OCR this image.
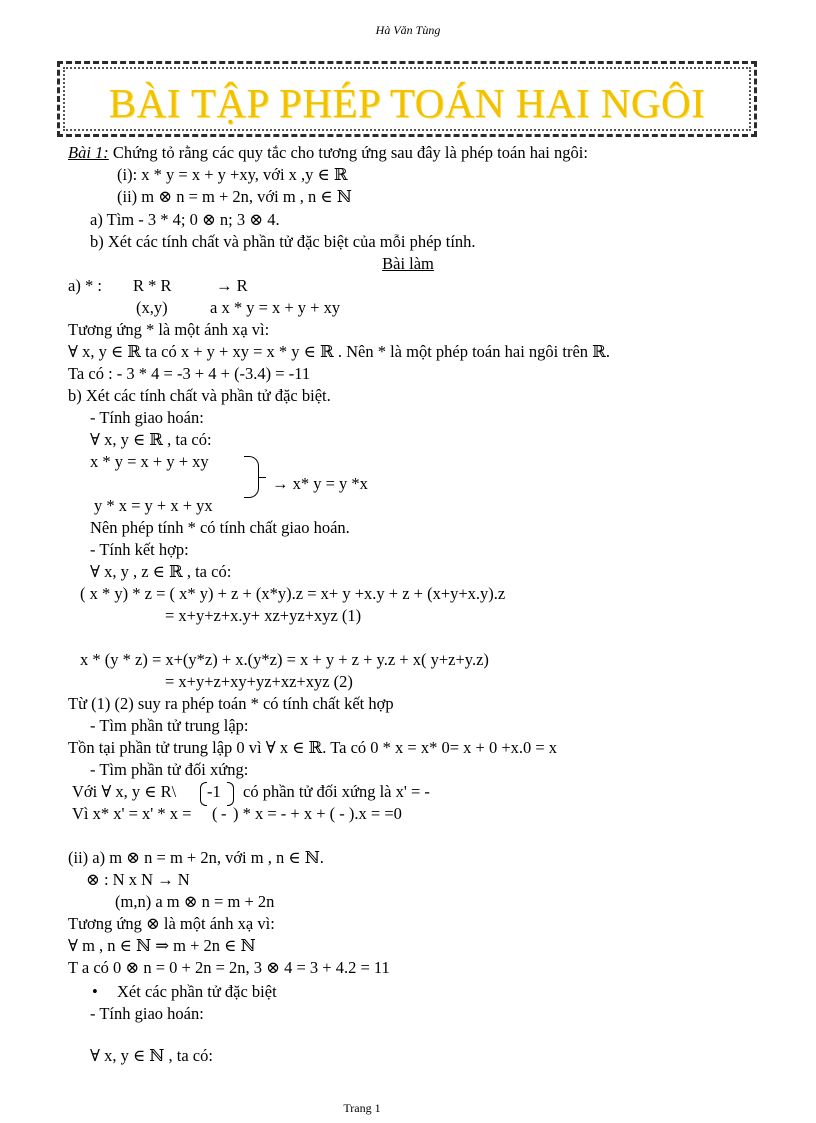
Hà Văn Tùng
BÀI TẬP PHÉP TOÁN HAI NGÔI
Bài 1: Chứng tỏ rằng các quy tắc cho tương ứng sau đây là phép toán hai ngôi:
(i): x * y = x + y +xy, với x ,y ∈ ℝ
(ii) m ⊗ n = m + 2n, với m , n ∈ ℕ
a) Tìm - 3 * 4; 0 ⊗ n; 3 ⊗ 4.
b) Xét các tính chất và phần tử đặc biệt của mỗi phép tính.
Bài làm
a) * : R * R	→ R
(x,y)	a x * y = x + y + xy
Tương ứng * là một ánh xạ vì:
∀ x, y ∈ ℝ ta có x + y + xy = x * y ∈ ℝ . Nên * là một phép toán hai ngôi trên ℝ.
Ta có : - 3 * 4 = -3 + 4 + (-3.4) = -11
b) Xét các tính chất và phần tử đặc biệt.
- Tính giao hoán:
∀ x, y ∈ ℝ , ta có:
x * y = x + y + xy
→ x* y = y *x
y * x = y + x + yx
Nên phép tính * có tính chất giao hoán.
- Tính kết hợp:
∀ x, y , z ∈ ℝ , ta có:
( x * y) * z = ( x* y) + z + (x*y).z = x+ y +x.y + z + (x+y+x.y).z
= x+y+z+x.y+ xz+yz+xyz (1)
x * (y * z) = x+(y*z) + x.(y*z) = x + y + z + y.z + x( y+z+y.z)
= x+y+z+xy+yz+xz+xyz (2)
Từ (1) (2) suy ra phép toán * có tính chất kết hợp
- Tìm phần tử trung lập:
Tồn tại phần tử trung lập 0 vì ∀ x ∈ ℝ. Ta có 0 * x = x* 0= x + 0 +x.0 = x
- Tìm phần tử đối xứng:
Với ∀ x, y ∈ R\ -1 có phần tử đối xứng là x' = -
Vì x* x' = x' * x = ( - ) * x = - + x + ( - ).x = =0
(ii) a) m ⊗ n = m + 2n, với m , n ∈ ℕ.
⊗ : N x N → N
(m,n) a m ⊗ n = m + 2n
Tương ứng ⊗ là một ánh xạ vì:
∀ m , n ∈ ℕ ⇒ m + 2n ∈ ℕ
T a có 0 ⊗ n = 0 + 2n = 2n, 3 ⊗ 4 = 3 + 4.2 = 11
• Xét các phần tử đặc biệt
- Tính giao hoán:
∀ x, y ∈ ℕ , ta có:
Trang 1
